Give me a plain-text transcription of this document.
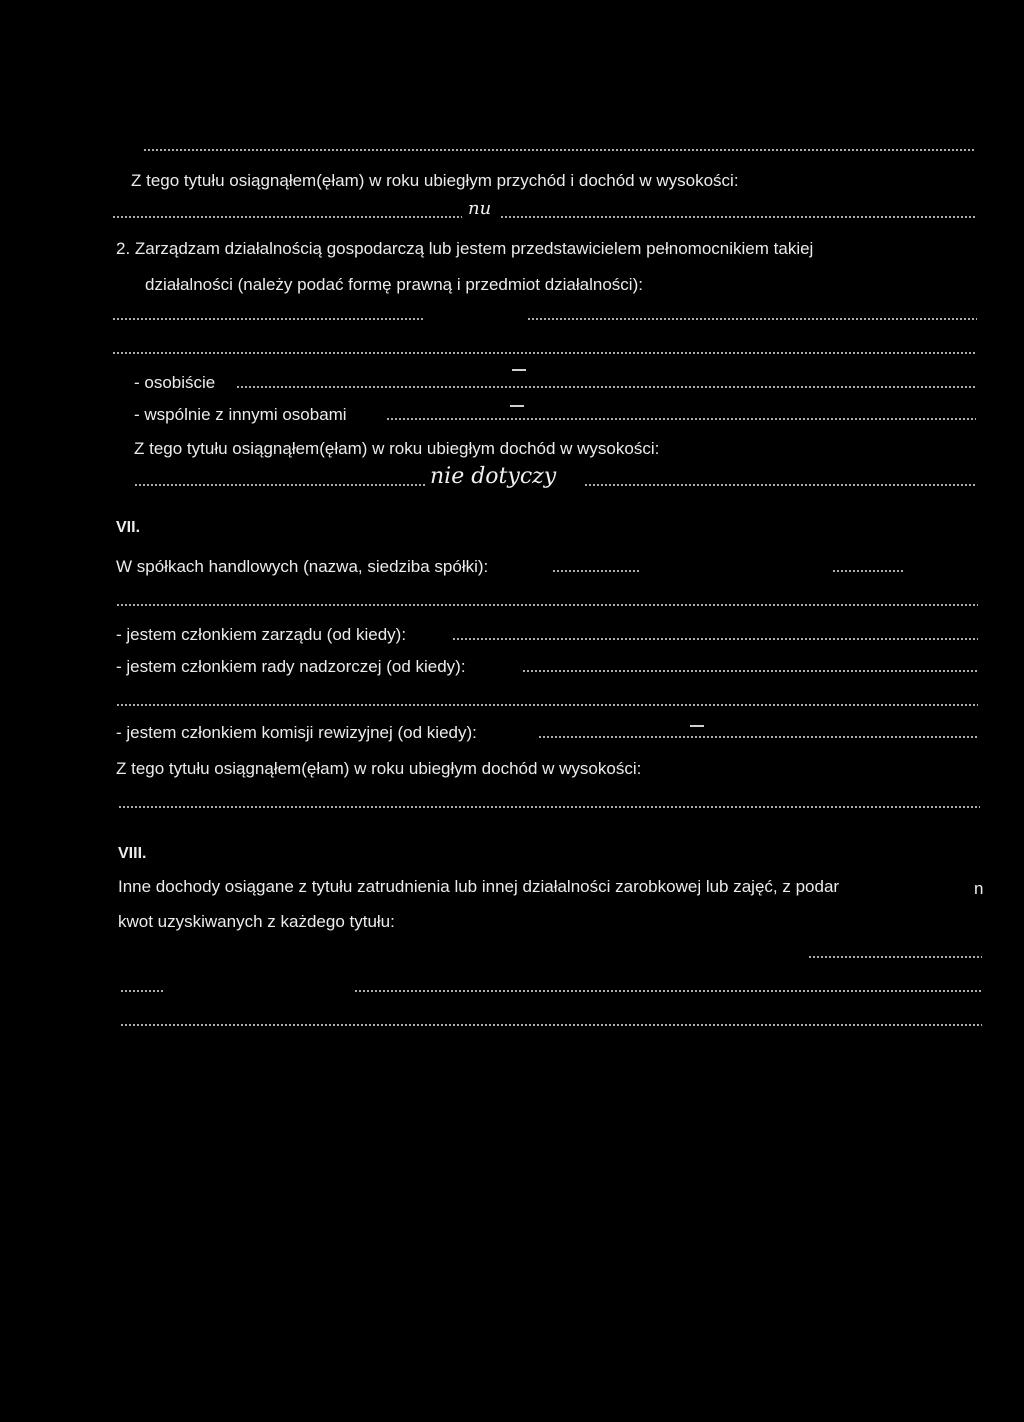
Z tego tytułu osiągnąłem(ęłam) w roku ubiegłym przychód i dochód w wysokości:
nu
2. Zarządzam działalnością gospodarczą lub jestem przedstawicielem pełnomocnikiem takiej
działalności (należy podać formę prawną i przedmiot działalności):
- osobiście
- wspólnie z innymi osobami
Z tego tytułu osiągnąłem(ęłam) w roku ubiegłym dochód w wysokości:
nie dotyczy
VII.
W spółkach handlowych (nazwa, siedziba spółki):
- jestem członkiem zarządu (od kiedy):
- jestem członkiem rady nadzorczej (od kiedy):
- jestem członkiem komisji rewizyjnej (od kiedy):
Z tego tytułu osiągnąłem(ęłam) w roku ubiegłym dochód w wysokości:
VIII.
Inne dochody osiągane z tytułu zatrudnienia lub innej działalności zarobkowej lub zajęć, z podar	n
kwot uzyskiwanych z każdego tytułu:
